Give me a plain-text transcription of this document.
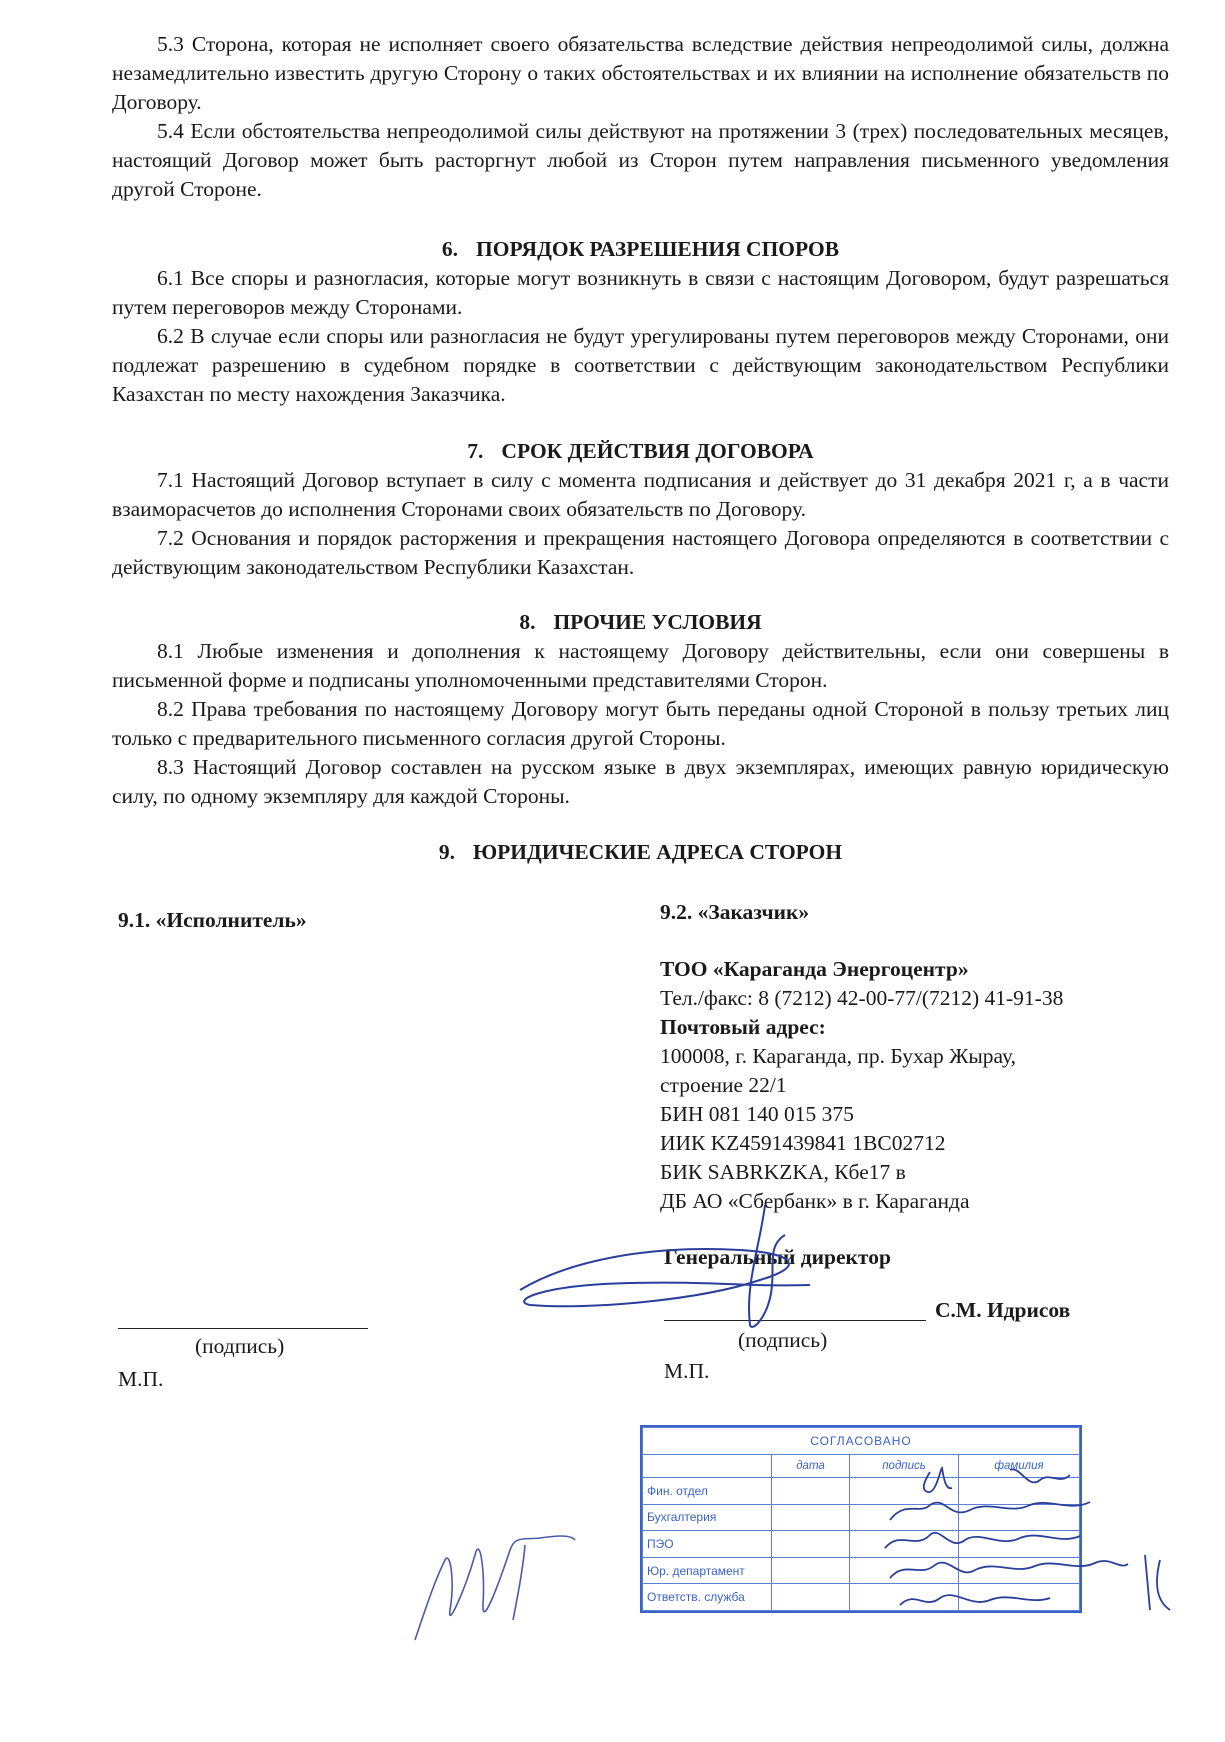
5.3 Сторона, которая не исполняет своего обязательства вследствие действия непреодолимой силы, должна незамедлительно известить другую Сторону о таких обстоятельствах и их влиянии на исполнение обязательств по Договору.

5.4 Если обстоятельства непреодолимой силы действуют на протяжении 3 (трех) последовательных месяцев, настоящий Договор может быть расторгнут любой из Сторон путем направления письменного уведомления другой Стороне.

6. ПОРЯДОК РАЗРЕШЕНИЯ СПОРОВ

6.1 Все споры и разногласия, которые могут возникнуть в связи с настоящим Договором, будут разрешаться путем переговоров между Сторонами.

6.2 В случае если споры или разногласия не будут урегулированы путем переговоров между Сторонами, они подлежат разрешению в судебном порядке в соответствии с действующим законодательством Республики Казахстан по месту нахождения Заказчика.

7. СРОК ДЕЙСТВИЯ ДОГОВОРА

7.1 Настоящий Договор вступает в силу с момента подписания и действует до 31 декабря 2021 г, а в части взаиморасчетов до исполнения Сторонами своих обязательств по Договору.

7.2 Основания и порядок расторжения и прекращения настоящего Договора определяются в соответствии с действующим законодательством Республики Казахстан.

8. ПРОЧИЕ УСЛОВИЯ

8.1 Любые изменения и дополнения к настоящему Договору действительны, если они совершены в письменной форме и подписаны уполномоченными представителями Сторон.

8.2 Права требования по настоящему Договору могут быть переданы одной Стороной в пользу третьих лиц только с предварительного письменного согласия другой Стороны.

8.3 Настоящий Договор составлен на русском языке в двух экземплярах, имеющих равную юридическую силу, по одному экземпляру для каждой Стороны.

9. ЮРИДИЧЕСКИЕ АДРЕСА СТОРОН

9.1. «Исполнитель»
(подпись)
М.П.
9.2. «Заказчик»
ТОО «Караганда Энергоцентр»
Тел./факс: 8 (7212) 42-00-77/(7212) 41-91-38
Почтовый адрес:
100008, г. Караганда, пр. Бухар Жырау,
строение 22/1
БИН 081 140 015 375
ИИК KZ4591439841 1BC02712
БИК SABRKZKA, Кбе17 в
ДБ АО «Сбербанк» в г. Караганда
Генеральный директор
С.М. Идрисов
(подпись)
М.П.
СОГЛАСОВАНО			
	дата	подпись	фамилия
Фин. отдел			
Бухгалтерия			
ПЭО			
Юр. департамент			
Ответств. служба			
